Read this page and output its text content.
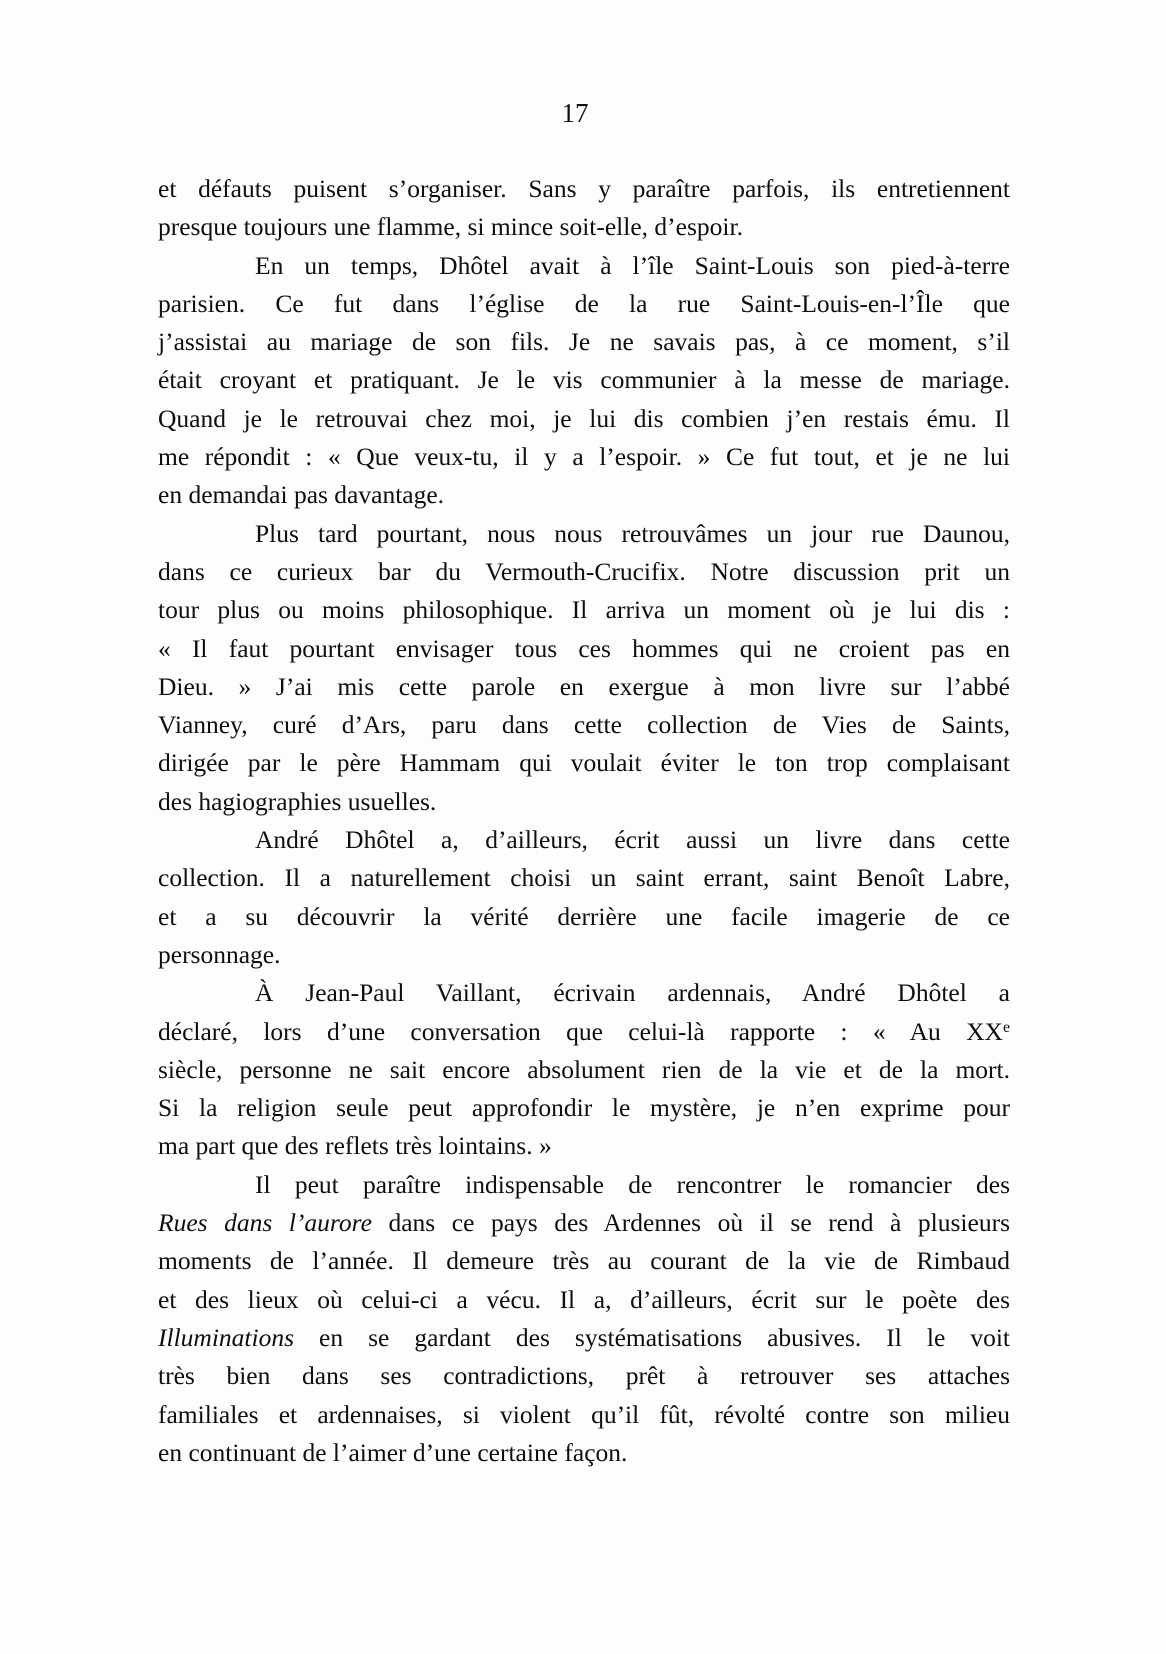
17
et défauts puisent s’organiser. Sans y paraître parfois, ils entretiennent
presque toujours une flamme, si mince soit-elle, d’espoir.
En un temps, Dhôtel avait à l’île Saint-Louis son pied-à-terre
parisien. Ce fut dans l’église de la rue Saint-Louis-en-l’Île que
j’assistai au mariage de son fils. Je ne savais pas, à ce moment, s’il
était croyant et pratiquant. Je le vis communier à la messe de mariage.
Quand je le retrouvai chez moi, je lui dis combien j’en restais ému. Il
me répondit : « Que veux-tu, il y a l’espoir. » Ce fut tout, et je ne lui
en demandai pas davantage.
Plus tard pourtant, nous nous retrouvâmes un jour rue Daunou,
dans ce curieux bar du Vermouth-Crucifix. Notre discussion prit un
tour plus ou moins philosophique. Il arriva un moment où je lui dis :
« Il faut pourtant envisager tous ces hommes qui ne croient pas en
Dieu. » J’ai mis cette parole en exergue à mon livre sur l’abbé
Vianney, curé d’Ars, paru dans cette collection de Vies de Saints,
dirigée par le père Hammam qui voulait éviter le ton trop complaisant
des hagiographies usuelles.
André Dhôtel a, d’ailleurs, écrit aussi un livre dans cette
collection. Il a naturellement choisi un saint errant, saint Benoît Labre,
et a su découvrir la vérité derrière une facile imagerie de ce
personnage.
À Jean-Paul Vaillant, écrivain ardennais, André Dhôtel a
déclaré, lors d’une conversation que celui-là rapporte : « Au XXe
siècle, personne ne sait encore absolument rien de la vie et de la mort.
Si la religion seule peut approfondir le mystère, je n’en exprime pour
ma part que des reflets très lointains. »
Il peut paraître indispensable de rencontrer le romancier des
Rues dans l’aurore dans ce pays des Ardennes où il se rend à plusieurs
moments de l’année. Il demeure très au courant de la vie de Rimbaud
et des lieux où celui-ci a vécu. Il a, d’ailleurs, écrit sur le poète des
Illuminations en se gardant des systématisations abusives. Il le voit
très bien dans ses contradictions, prêt à retrouver ses attaches
familiales et ardennaises, si violent qu’il fût, révolté contre son milieu
en continuant de l’aimer d’une certaine façon.
